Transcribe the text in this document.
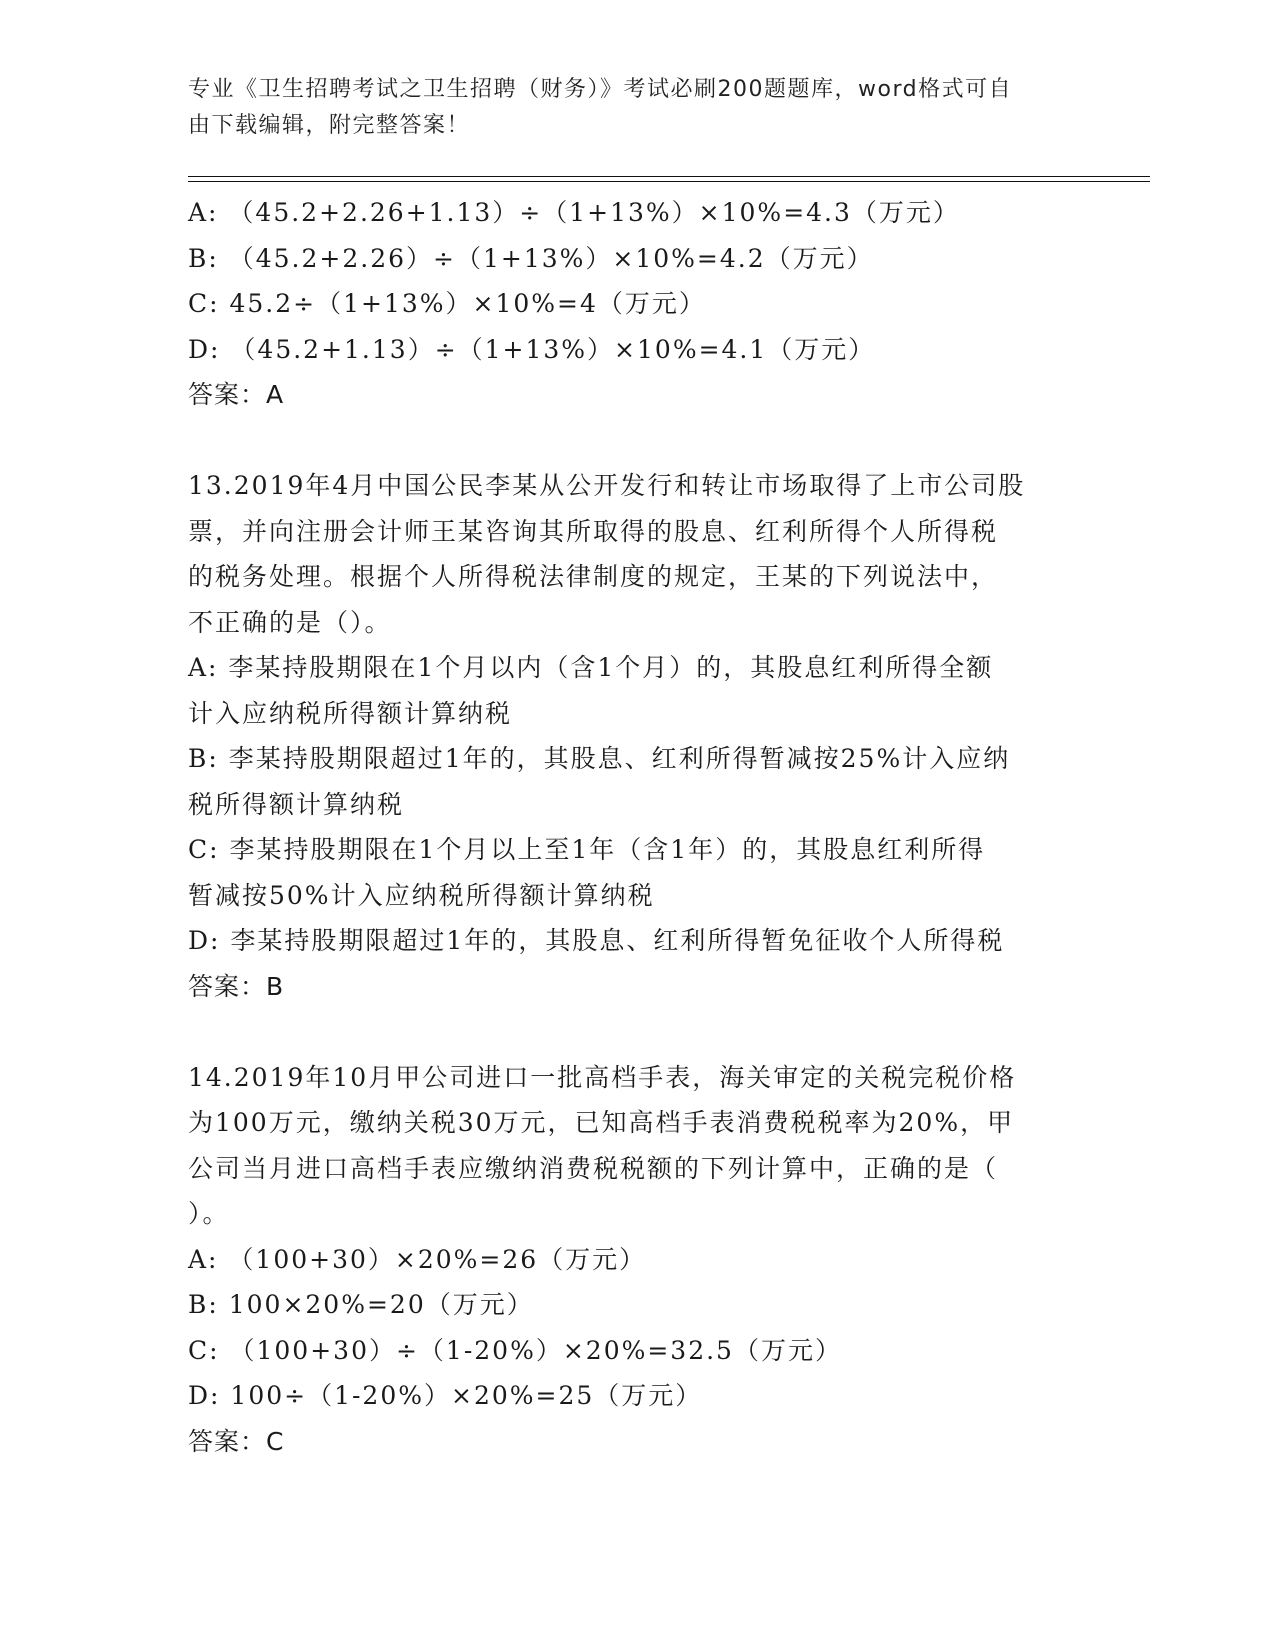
专业《卫生招聘考试之卫生招聘（财务）》考试必刷200题题库，word格式可自
由下载编辑，附完整答案！
A: （45.2+2.26+1.13）÷（1+13%）×10%=4.3（万元）
B: （45.2+2.26）÷（1+13%）×10%=4.2（万元）
C: 45.2÷（1+13%）×10%=4（万元）
D: （45.2+1.13）÷（1+13%）×10%=4.1（万元）
答案：A
13.2019年4月中国公民李某从公开发行和转让市场取得了上市公司股
票，并向注册会计师王某咨询其所取得的股息、红利所得个人所得税
的税务处理。根据个人所得税法律制度的规定，王某的下列说法中，
不正确的是（）。
A: 李某持股期限在1个月以内（含1个月）的，其股息红利所得全额
计入应纳税所得额计算纳税
B: 李某持股期限超过1年的，其股息、红利所得暂减按25%计入应纳
税所得额计算纳税
C: 李某持股期限在1个月以上至1年（含1年）的，其股息红利所得
暂减按50%计入应纳税所得额计算纳税
D: 李某持股期限超过1年的，其股息、红利所得暂免征收个人所得税
答案：B
14.2019年10月甲公司进口一批高档手表，海关审定的关税完税价格
为100万元，缴纳关税30万元，已知高档手表消费税税率为20%，甲
公司当月进口高档手表应缴纳消费税税额的下列计算中，正确的是（
）。
A: （100+30）×20%=26（万元）
B: 100×20%=20（万元）
C: （100+30）÷（1-20%）×20%=32.5（万元）
D: 100÷（1-20%）×20%=25（万元）
答案：C
